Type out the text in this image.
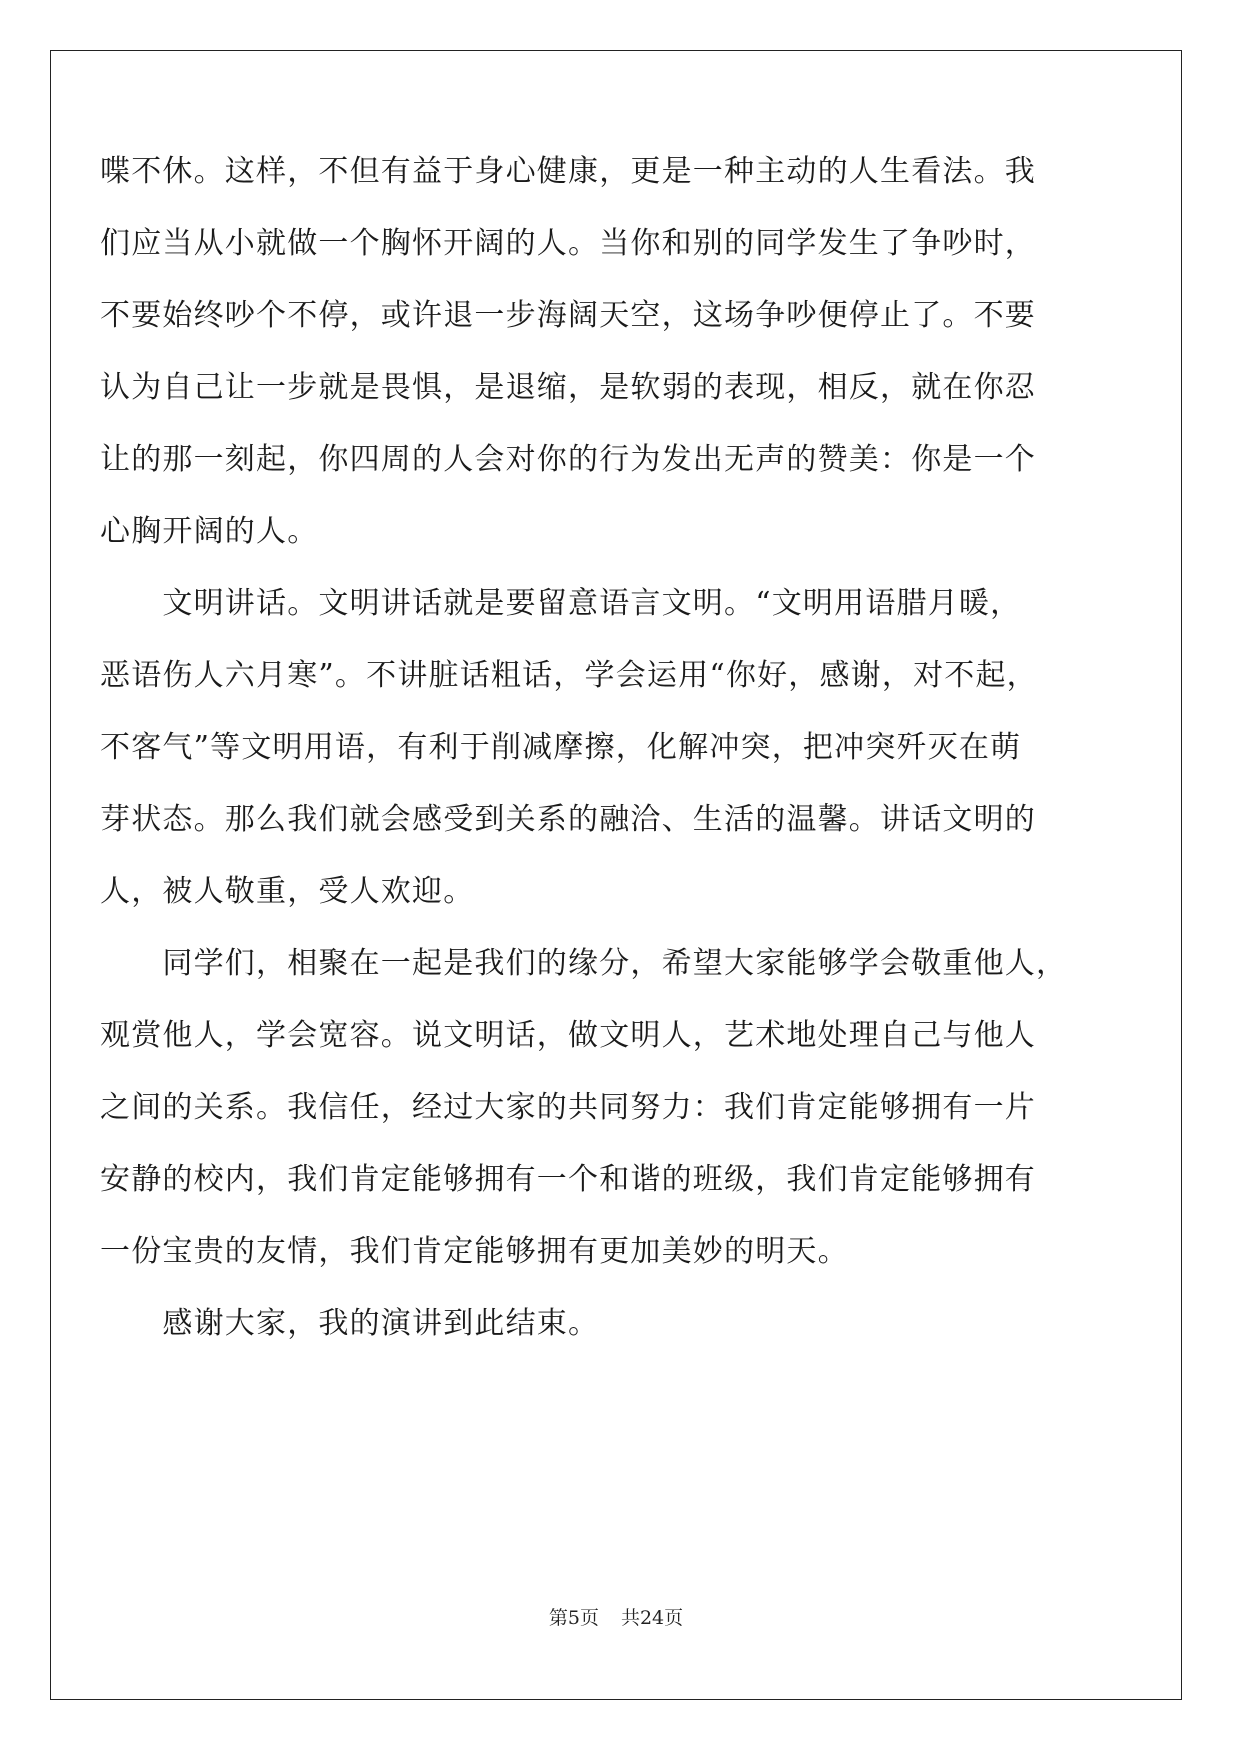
喋不休。这样，不但有益于身心健康，更是一种主动的人生看法。我
们应当从小就做一个胸怀开阔的人。当你和别的同学发生了争吵时，
不要始终吵个不停，或许退一步海阔天空，这场争吵便停止了。不要
认为自己让一步就是畏惧，是退缩，是软弱的表现，相反，就在你忍
让的那一刻起，你四周的人会对你的行为发出无声的赞美：你是一个
心胸开阔的人。
　　文明讲话。文明讲话就是要留意语言文明。“文明用语腊月暖，
恶语伤人六月寒”。不讲脏话粗话，学会运用“你好，感谢，对不起，
不客气”等文明用语，有利于削减摩擦，化解冲突，把冲突歼灭在萌
芽状态。那么我们就会感受到关系的融洽、生活的温馨。讲话文明的
人，被人敬重，受人欢迎。
　　同学们，相聚在一起是我们的缘分，希望大家能够学会敬重他人，
观赏他人，学会宽容。说文明话，做文明人，艺术地处理自己与他人
之间的关系。我信任，经过大家的共同努力：我们肯定能够拥有一片
安静的校内，我们肯定能够拥有一个和谐的班级，我们肯定能够拥有
一份宝贵的友情，我们肯定能够拥有更加美妙的明天。
　　感谢大家，我的演讲到此结束。
第5页 共24页
